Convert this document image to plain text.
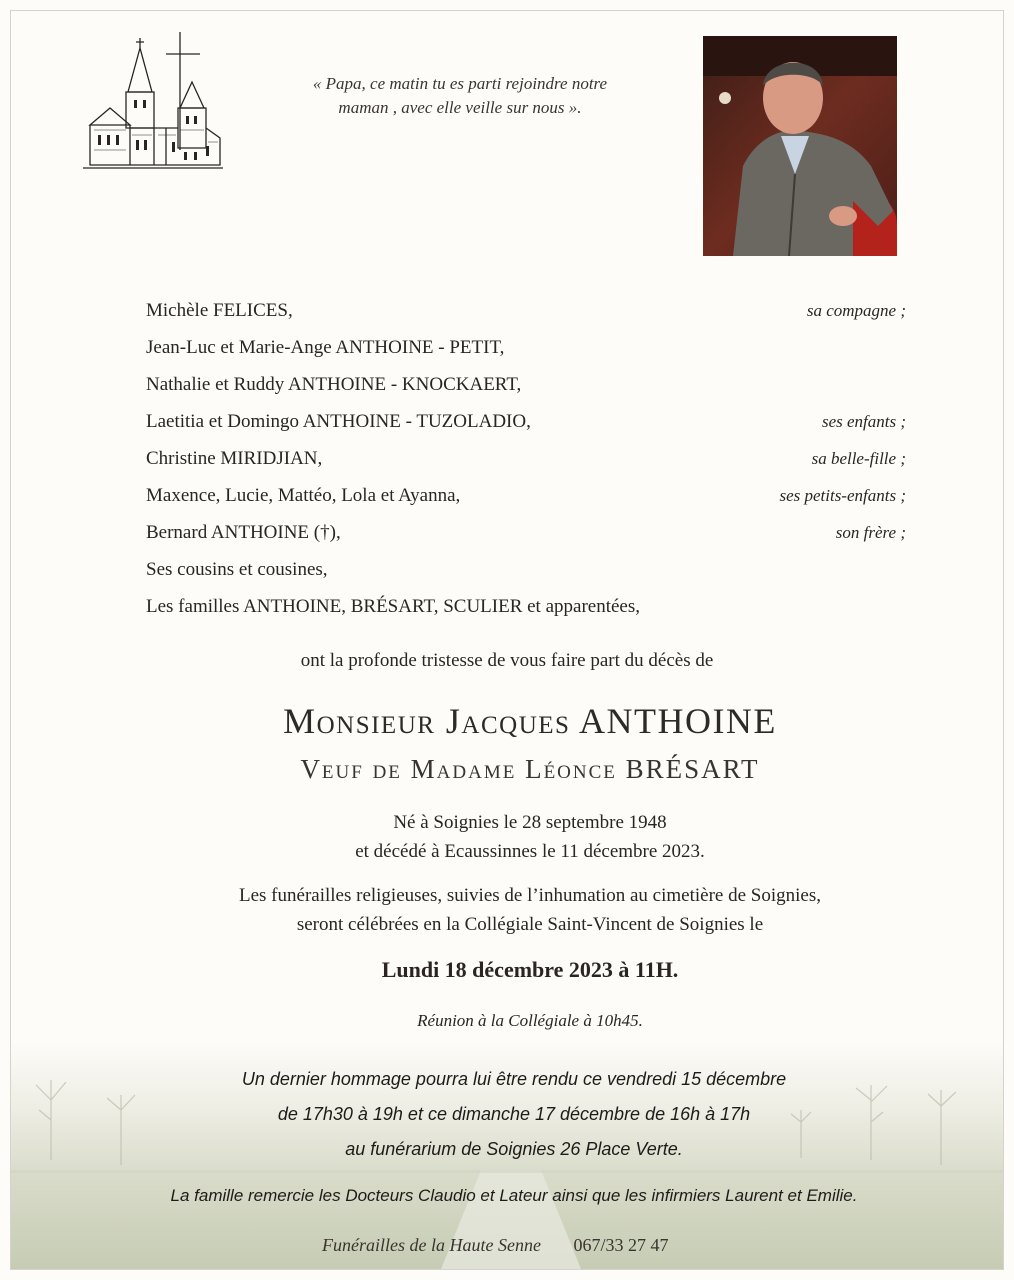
« Papa, ce matin tu es parti rejoindre notre
maman , avec elle veille sur nous ».
Michèle FELICES,	sa compagne ;
Jean-Luc et Marie-Ange ANTHOINE - PETIT,
Nathalie et Ruddy ANTHOINE - KNOCKAERT,
Laetitia et Domingo ANTHOINE - TUZOLADIO,	ses enfants ;
Christine MIRIDJIAN,	sa belle-fille ;
Maxence, Lucie, Mattéo, Lola et Ayanna,	ses petits-enfants ;
Bernard ANTHOINE (†),	son frère ;
Ses cousins et cousines,
Les familles ANTHOINE, BRÉSART, SCULIER et apparentées,
ont la profonde tristesse de vous faire part du décès de
Monsieur Jacques ANTHOINE
Veuf de Madame Léonce BRÉSART
Né à Soignies le 28 septembre 1948
et décédé à Ecaussinnes le 11 décembre 2023.
Les funérailles religieuses, suivies de l’inhumation au cimetière de Soignies,
seront célébrées en la Collégiale Saint-Vincent de Soignies le
Lundi 18 décembre 2023 à 11H.
Réunion à la Collégiale à 10h45.
Un dernier hommage pourra lui être rendu ce vendredi 15 décembre
de 17h30 à 19h et ce dimanche 17 décembre de 16h à 17h
au funérarium de Soignies 26 Place Verte.
La famille remercie les Docteurs Claudio et Lateur ainsi que les infirmiers Laurent et Emilie.
Funérailles de la Haute Senne 067/33 27 47
